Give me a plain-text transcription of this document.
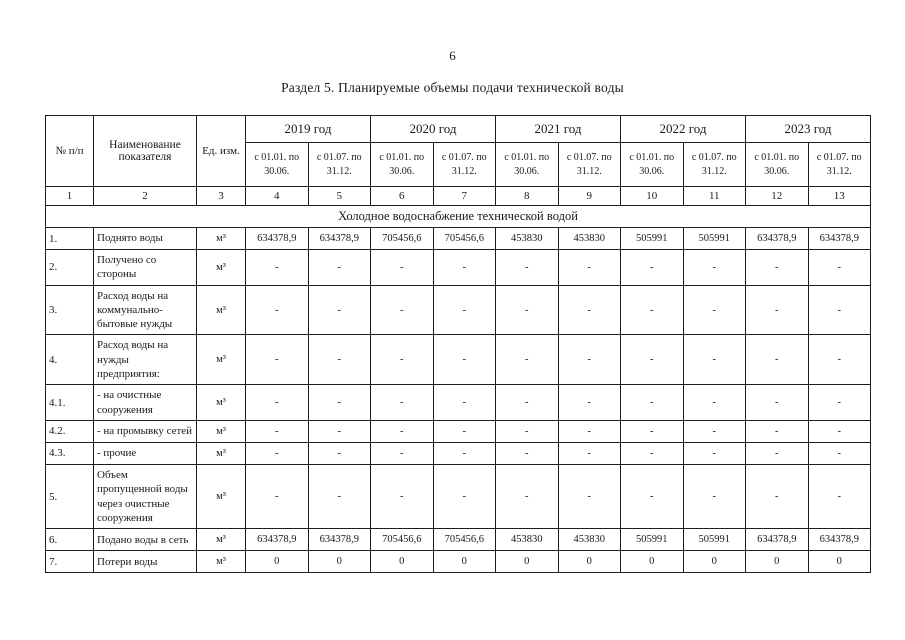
6
Раздел 5. Планируемые объемы подачи технической воды
№ п/п	Наименование показателя	Ед. изм.	2019 год		2020 год		2021 год		2022 год		2023 год	
			с 01.01. по 30.06.	с 01.07. по 31.12.	с 01.01. по 30.06.	с 01.07. по 31.12.	с 01.01. по 30.06.	с 01.07. по 31.12.	с 01.01. по 30.06.	с 01.07. по 31.12.	с 01.01. по 30.06.	с 01.07. по 31.12.
1	2	3	4	5	6	7	8	9	10	11	12	13
Холодное водоснабжение технической водой												
1.	Поднято воды	м³	634378,9	634378,9	705456,6	705456,6	453830	453830	505991	505991	634378,9	634378,9
2.	Получено со стороны	м³	-	-	-	-	-	-	-	-	-	-
3.	Расход воды на коммунально-бытовые нужды	м³	-	-	-	-	-	-	-	-	-	-
4.	Расход воды на нужды предприятия:	м³	-	-	-	-	-	-	-	-	-	-
4.1.	- на очистные сооружения	м³	-	-	-	-	-	-	-	-	-	-
4.2.	- на промывку сетей	м³	-	-	-	-	-	-	-	-	-	-
4.3.	- прочие	м³	-	-	-	-	-	-	-	-	-	-
5.	Объем пропущенной воды через очистные сооружения	м³	-	-	-	-	-	-	-	-	-	-
6.	Подано воды в сеть	м³	634378,9	634378,9	705456,6	705456,6	453830	453830	505991	505991	634378,9	634378,9
7.	Потери воды	м³	0	0	0	0	0	0	0	0	0	0
